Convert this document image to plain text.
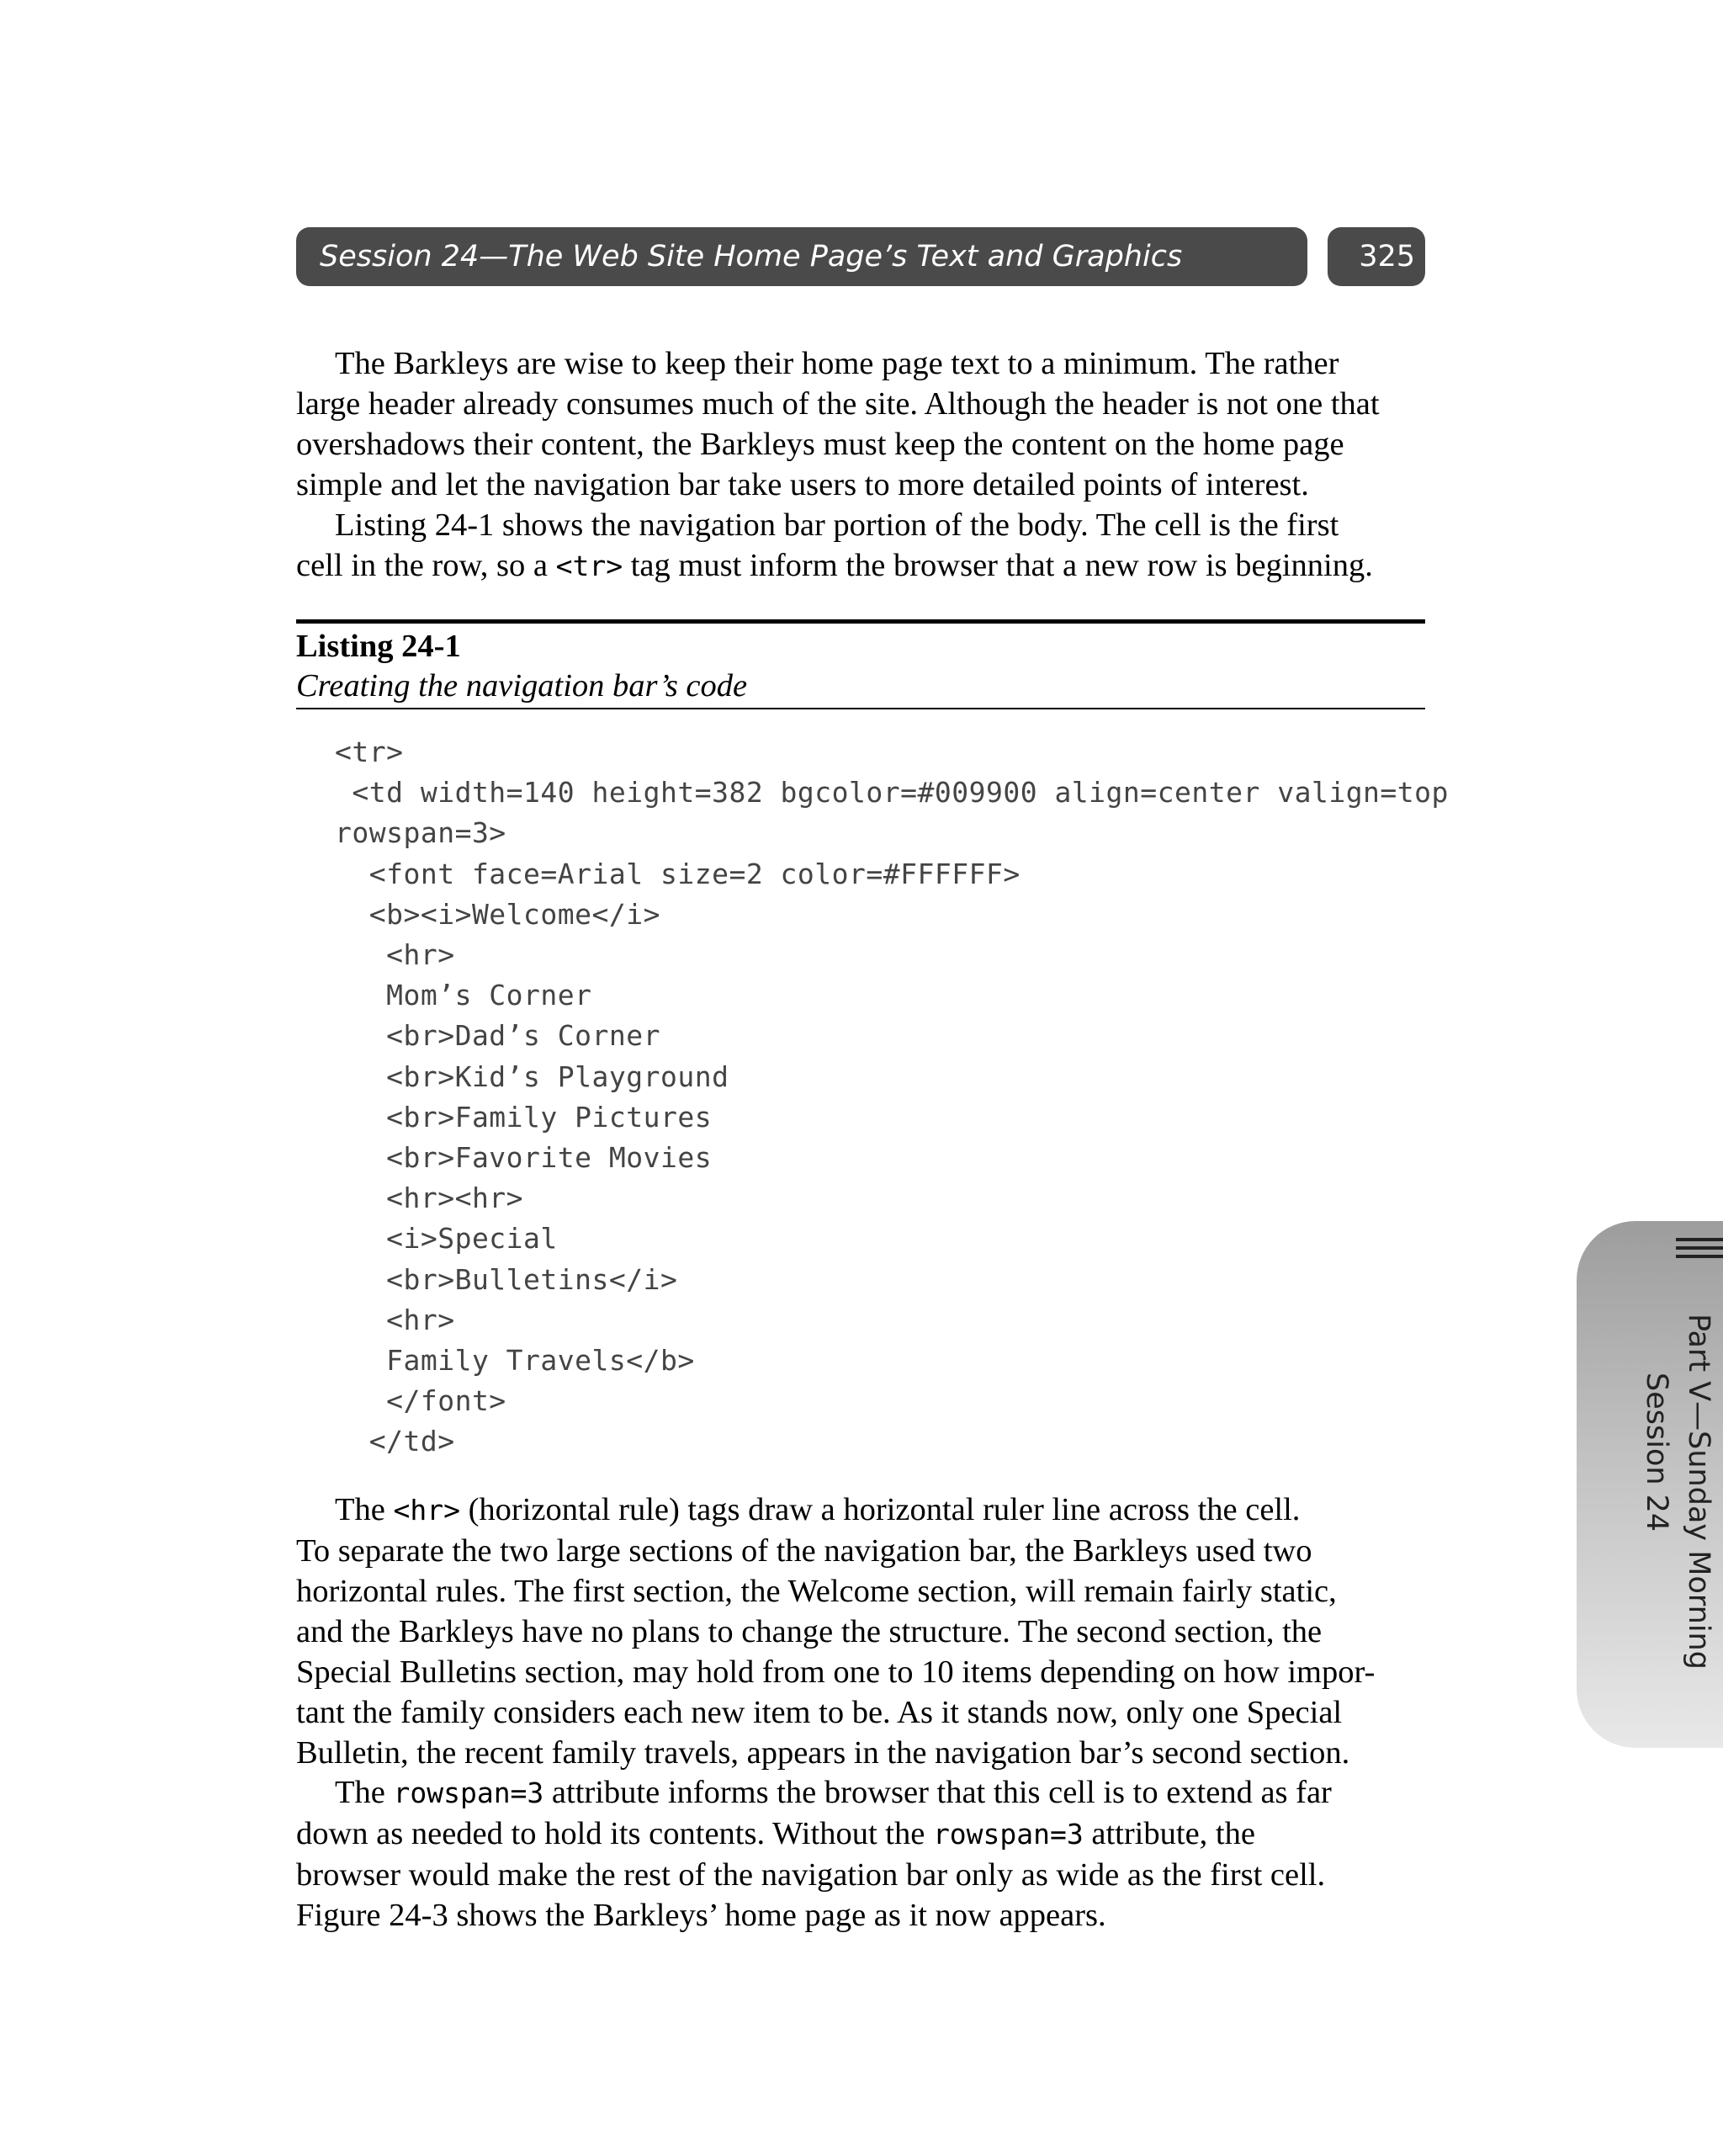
Session 24—The Web Site Home Page’s Text and Graphics	325

The Barkleys are wise to keep their home page text to a minimum. The rather
large header already consumes much of the site. Although the header is not one that
overshadows their content, the Barkleys must keep the content on the home page
simple and let the navigation bar take users to more detailed points of interest.

Listing 24-1 shows the navigation bar portion of the body. The cell is the first
cell in the row, so a <tr> tag must inform the browser that a new row is beginning.

Listing 24-1
Creating the navigation bar’s code
<tr>
<td width=140 height=382 bgcolor=#009900 align=center valign=top
rowspan=3>
<font face=Arial size=2 color=#FFFFFF>
<b><i>Welcome</i>
<hr>
Mom’s Corner
<br>Dad’s Corner
<br>Kid’s Playground
<br>Family Pictures
<br>Favorite Movies
<hr><hr>
<i>Special
<br>Bulletins</i>
<hr>
Family Travels</b>
</font>
</td>

The <hr> (horizontal rule) tags draw a horizontal ruler line across the cell.
To separate the two large sections of the navigation bar, the Barkleys used two
horizontal rules. The first section, the Welcome section, will remain fairly static,
and the Barkleys have no plans to change the structure. The second section, the
Special Bulletins section, may hold from one to 10 items depending on how impor-
tant the family considers each new item to be. As it stands now, only one Special
Bulletin, the recent family travels, appears in the navigation bar’s second section.

The rowspan=3 attribute informs the browser that this cell is to extend as far
down as needed to hold its contents. Without the rowspan=3 attribute, the
browser would make the rest of the navigation bar only as wide as the first cell.
Figure 24-3 shows the Barkleys’ home page as it now appears.

Part V—Sunday Morning
Session 24
